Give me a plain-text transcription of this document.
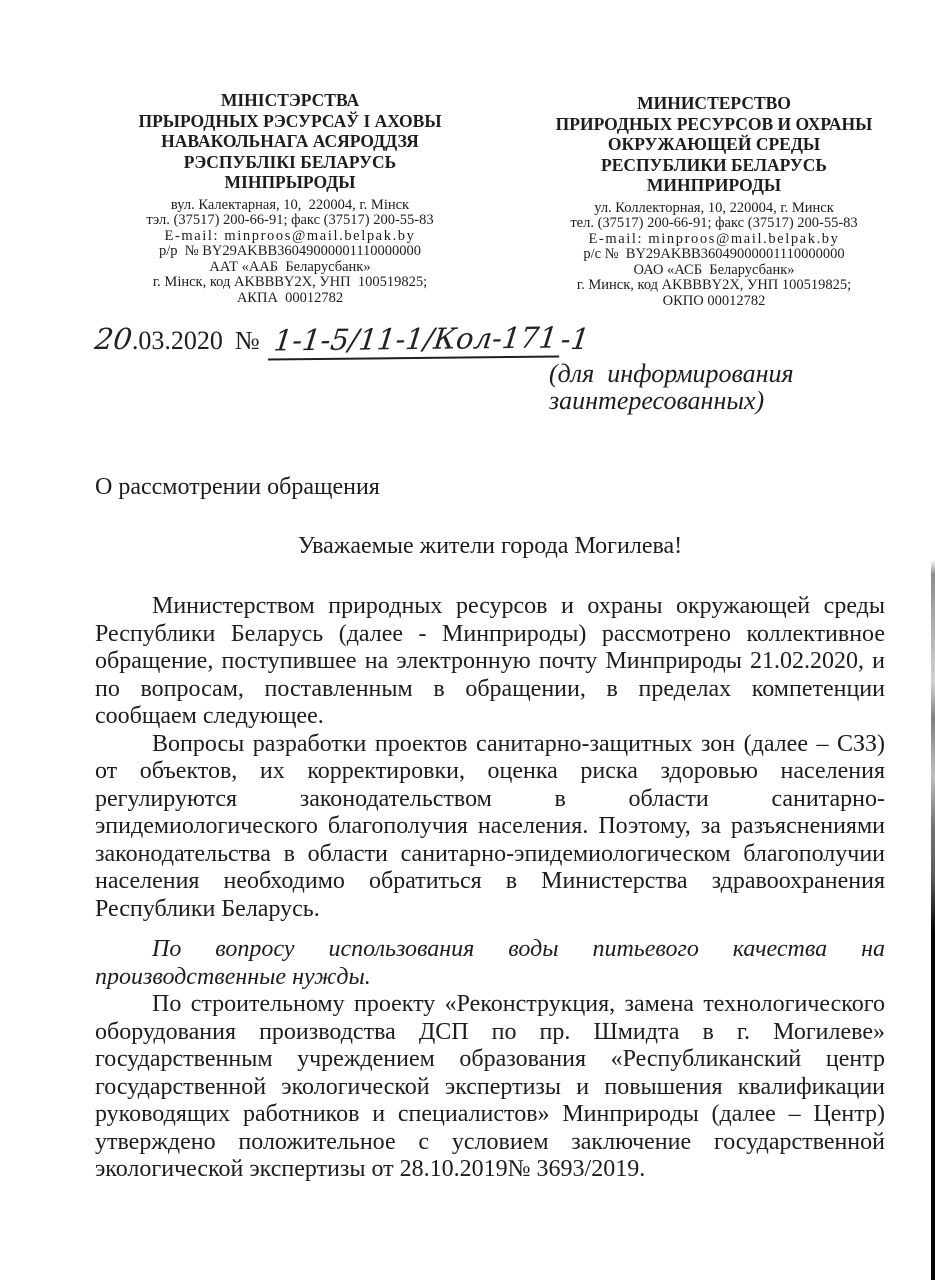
МІНІСТЭРСТВА
ПРЫРОДНЫХ РЭСУРСАЎ І АХОВЫ
НАВАКОЛЬНАГА АСЯРОДДЗЯ
РЭСПУБЛІКІ БЕЛАРУСЬ
МІНПРЫРОДЫ
вул. Калектарная, 10,  220004, г. Мінск
тэл. (37517) 200-66-91; факс (37517) 200-55-83
E-mail: minproos@mail.belpak.by
р/р  № BY29AKBB36049000001110000000
ААТ «ААБ  Беларусбанк»
г. Мінск, код AKBBBY2X, УНП  100519825;
АКПА  00012782
МИНИСТЕРСТВО
ПРИРОДНЫХ РЕСУРСОВ И ОХРАНЫ
ОКРУЖАЮЩЕЙ СРЕДЫ
РЕСПУБЛИКИ БЕЛАРУСЬ
МИНПРИРОДЫ
ул. Коллекторная, 10, 220004, г. Минск
тел. (37517) 200-66-91; факс (37517) 200-55-83
E-mail: minproos@mail.belpak.by
р/с №  BY29AKBB36049000001110000000
ОАО «АСБ  Беларусбанк»
г. Минск, код AKBBBY2X, УНП 100519825;
ОКПО 00012782
20.03.2020 № 1-1-5/11-1/Кол-171-1
(для  информирования
заинтересованных)
О рассмотрении обращения
Уважаемые жители города Могилева!
Министерством природных ресурсов и охраны окружающей среды
Республики Беларусь (далее - Минприроды) рассмотрено коллективное
обращение, поступившее на электронную почту Минприроды 21.02.2020, и
по вопросам, поставленным в обращении, в пределах компетенции
сообщаем следующее.
Вопросы разработки проектов санитарно-защитных зон (далее – СЗЗ)
от объектов, их корректировки, оценка риска здоровью населения
регулируются законодательством в области санитарно-
эпидемиологического благополучия населения. Поэтому, за разъяснениями
законодательства в области санитарно-эпидемиологическом благополучии
населения необходимо обратиться в Министерства здравоохранения
Республики Беларусь.
По вопросу использования воды питьевого качества на
производственные нужды.
По строительному проекту «Реконструкция, замена технологического
оборудования производства ДСП по пр. Шмидта в г. Могилеве»
государственным учреждением образования «Республиканский центр
государственной экологической экспертизы и повышения квалификации
руководящих работников и специалистов» Минприроды (далее – Центр)
утверждено положительное с условием заключение государственной
экологической экспертизы от 28.10.2019№ 3693/2019.
